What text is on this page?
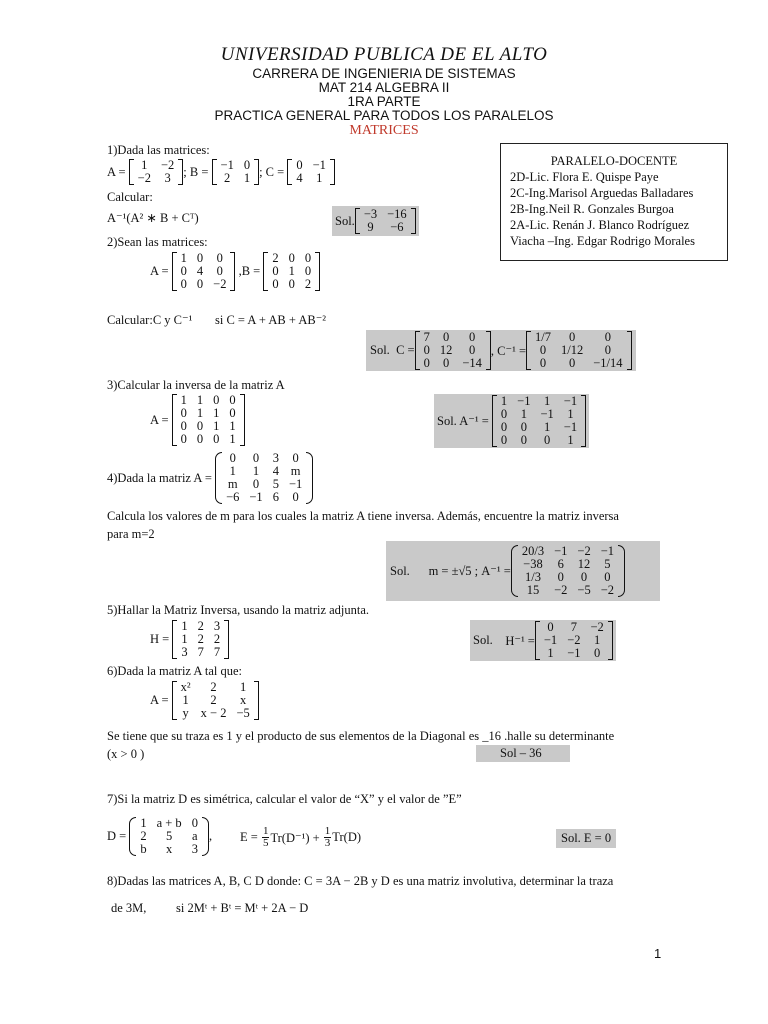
UNIVERSIDAD PUBLICA DE EL ALTO
CARRERA DE INGENIERIA DE SISTEMAS
MAT 214 ALGEBRA II
1RA PARTE
PRACTICA GENERAL PARA TODOS LOS PARALELOS
MATRICES
PARALELO-DOCENTE
2D-Lic. Flora E. Quispe Paye
2C-Ing.Marisol Arguedas Balladares
2B-Ing.Neil R. Gonzales Burgoa
2A-Lic. Renán J. Blanco Rodríguez
Viacha –Ing. Edgar Rodrigo Morales
1)Dada las matrices:
A =
1	−2
−2	3 ; B =
−1	0
2	1 ; C =
0	−1
4	1
Calcular:
A⁻¹(A² ∗ B + Cᵀ)	Sol. −3	−16
9	−6
2)Sean las matrices:
A =

1	0	0
0	4	0
0	0	−2

,B =

2	0	0
0	1	0
0	0	2
Calcular:C y C⁻¹ si C = A + AB + AB⁻²
Sol.
C =
7	0	0
0	12	0
0	0	−14
, C⁻¹ =
1/7	0	0
0	1/12	0
0	0	−1/14
3)Calcular la inversa de la matriz A
A =

1	1	0	0
0	1	1	0
0	0	1	1
0	0	0	1
Sol. A⁻¹ =

1	−1	1	−1
0	1	−1	1
0	0	1	−1
0	0	0	1
4)Dada la matriz A =

0	0	3	0
1	1	4	m
m	0	5	−1
−6	−1	6	0
Calcula los valores de m para los cuales la matriz A tiene inversa. Además, encuentre la matriz inversa
para m=2
Sol.
m = ±√5 ;
A⁻¹ =
20/3	−1	−2	−1
−38	6	12	5
1/3	0	0	0
15	−2	−5	−2
5)Hallar la Matriz Inversa, usando la matriz adjunta.
H =

1	2	3
1	2	2
3	7	7
Sol.
H⁻¹ =
0	7	−2
−1	−2	1
1	−1	0
6)Dada la matriz A tal que:
A =

x²	2	1
1	2	x
y	x − 2	−5
Se tiene que su traza es 1 y el producto de sus elementos de la Diagonal es _16 .halle su determinante
(x > 0 )	Sol – 36
7)Si la matriz D es simétrica, calcular el valor de “X” y el valor de ”E”
D =

1	a + b	0
2	5	a
b	x	3
, E =
$\frac{1}{5} Tr(D^{-1})$ +
$\frac{1}{3} Tr(D)$	Sol. E = 0
8)Dadas las matrices A, B, C D donde: C = 3A − 2B y D es una matriz involutiva, determinar la traza
de 3M, si 2Mᵗ + Bᵗ = Mᵗ + 2A − D
1
